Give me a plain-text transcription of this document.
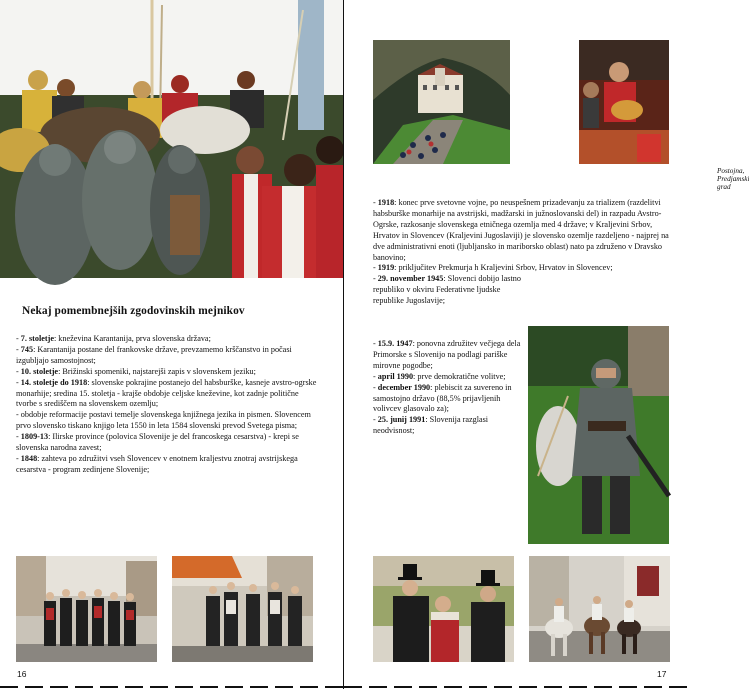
Nekaj pomembnejših zgodovinskih mejnikov

- 7. stoletje: kneževina Karantanija, prva slovenska država;

- 745: Karantanija postane del frankovske države, prevzamemo krščanstvo in počasi izgubljajo samostojnost;

- 10. stoletje: Brižinski spomeniki, najstarejši zapis v slovenskem jeziku;

- 14. stoletje do 1918: slovenske pokrajine postanejo del habsburške, kasneje avstro-ogrske monarhije; sredina 15. stoletja - krajše obdobje celjske kneževine, kot zadnje politične tvorbe s središčem na slovenskem ozemlju;

- obdobje reformacije postavi temelje slovenskega knjižnega jezika in pismen. Slovencem prvo slovensko tiskano knjigo leta 1550 in leta 1584 slovenski prevod Svetega pisma;

- 1809-13: Ilirske province (polovica Slovenije je del francoskega cesarstva) - krepi se slovenska narodna zavest;

- 1848: zahteva po združitvi vseh Slovencev v enotnem kraljestvu znotraj avstrijskega cesarstva - program zedinjene Slovenije;

16
Postojna, Predjamski grad

- 1918: konec prve svetovne vojne, po neuspešnem prizadevanju za trializem (razdelitvi habsburške monarhije na avstrijski, madžarski in južnoslovanski del) in razpadu Avstro-Ogrske, razkosanje slovenskega etničnega ozemlja med 4 države; v Kraljevini Srbov, Hrvatov in Slovencev (Kraljevini Jugoslaviji) je slovensko ozemlje razdeljeno - najprej na dve administrativni enoti (ljubljansko in mariborsko oblast) nato pa združeno v Dravsko banovino;

- 1919: priključitev Prekmurja h Kraljevini Srbov, Hrvatov in Slovencev;

- 29. november 1945: Slovenci dobijo lastno republiko v okviru Federativne ljudske republike Jugoslavije;

- 15.9. 1947: ponovna združitev večjega dela Primorske s Slovenijo na podlagi pariške mirovne pogodbe;

- april 1990: prve demokratične volitve;

- december 1990: plebiscit za suvereno in samostojno državo (88,5% prijavljenih volivcev glasovalo za);

- 25. junij 1991: Slovenija razglasi neodvisnost;

17
